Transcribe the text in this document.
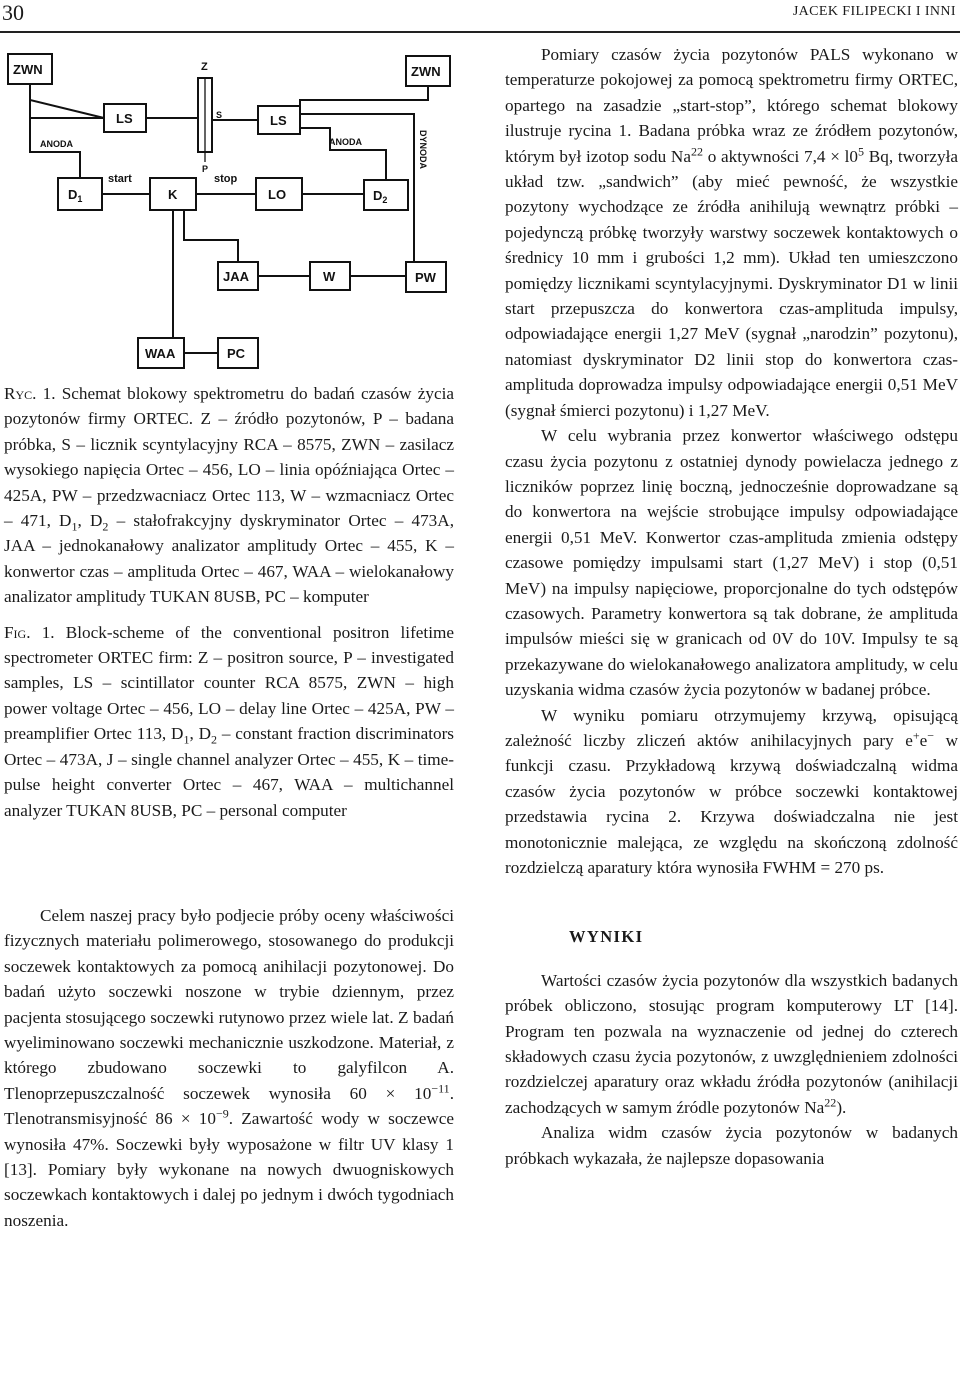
30	JACEK FILIPECKI I INNI
ZWN	ZWN
LS	LS
$D_1$	K	LO	$D_2$
JAA	W	PW
WAA	PC
Z
S
P
ANODA	ANODA	DYNODA
start	stop

Ryc. 1. Schemat blokowy spektrometru do badań czasów życia pozytonów firmy ORTEC. Z – źródło pozytonów, P – badana próbka, S – licznik scyntylacyjny RCA – 8575, ZWN – zasilacz wysokiego napięcia Ortec – 456, LO – linia opóźniająca Ortec – 425A, PW – przedzwacniacz Ortec 113, W – wzmacniacz Ortec – 471, $D_1$, $D_2$ – stałofrakcyjny dyskryminator Ortec – 473A, JAA – jednokanałowy analizator amplitudy Ortec – 455, K – konwertor czas – amplituda Ortec – 467, WAA – wielokanałowy analizator amplitudy TUKAN 8USB, PC – komputer

Fig. 1. Block-scheme of the conventional positron lifetime spectrometer ORTEC firm: Z – positron source, P – investigated samples, LS – scintillator counter RCA 8575, ZWN – high power voltage Ortec – 456, LO – delay line Ortec – 425A, PW – preamplifier Ortec 113, $D_1$, $D_2$ – constant fraction discriminators Ortec – 473A, J – single channel analyzer Ortec – 455, K – time-pulse height converter Ortec – 467, WAA – multichannel analyzer TUKAN 8USB, PC – personal computer

Celem naszej pracy było podjecie próby oceny właściwości fizycznych materiału polimerowego, stosowanego do produkcji soczewek kontaktowych za pomocą anihilacji pozytonowej. Do badań użyto soczewki noszone w trybie dziennym, przez pacjenta stosującego soczewki rutynowo przez wiele lat. Z badań wyeliminowano soczewki mechanicznie uszkodzone. Materiał, z którego zbudowano soczewki to galyfilcon A. Tlenoprzepuszczalność soczewek wynosiła $60 \times 10^{-11}$. Tlenotransmisyjność $86 \times 10^{-9}$. Zawartość wody w soczewce wynosiła 47%. Soczewki były wyposażone w filtr UV klasy 1 [13]. Pomiary były wykonane na nowych dwuogniskowych soczewkach kontaktowych i dalej po jednym i dwóch tygodniach noszenia.

Pomiary czasów życia pozytonów PALS wykonano w temperaturze pokojowej za pomocą spektrometru firmy ORTEC, opartego na zasadzie „start-stop”, którego schemat blokowy ilustruje rycina 1. Badana próbka wraz ze źródłem pozytonów, którym był izotop sodu Na$^{22}$ o aktywności $7,4 \times l0^5$ Bq, tworzyła układ tzw. „sandwich” (aby mieć pewność, że wszystkie pozytony wychodzące ze źródła anihilują wewnątrz próbki – pojedynczą próbkę tworzyły warstwy soczewek kontaktowych o średnicy 10 mm i grubości 1,2 mm). Układ ten umieszczono pomiędzy licznikami scyntylacyjnymi. Dyskryminator D1 w linii start przepuszcza do konwertora czas-amplituda impulsy, odpowiadające energii 1,27 MeV (sygnał „narodzin” pozytonu), natomiast dyskryminator D2 linii stop do konwertora czas-amplituda doprowadza impulsy odpowiadające energii 0,51 MeV (sygnał śmierci pozytonu) i 1,27 MeV.

W celu wybrania przez konwertor właściwego odstępu czasu życia pozytonu z ostatniej dynody powielacza jednego z liczników poprzez linię boczną, jednocześnie doprowadzane są do konwertora na wejście strobujące impulsy odpowiadające energii 0,51 MeV. Konwertor czas-amplituda zmienia odstępy czasowe pomiędzy impulsami start (1,27 MeV) i stop (0,51 MeV) na impulsy napięciowe, proporcjonalne do tych odstępów czasowych. Parametry konwertora są tak dobrane, że amplituda impulsów mieści się w granicach od 0V do 10V. Impulsy te są przekazywane do wielokanałowego analizatora amplitudy, w celu uzyskania widma czasów życia pozytonów w badanej próbce.

W wyniku pomiaru otrzymujemy krzywą, opisującą zależność liczby zliczeń aktów anihilacyjnych pary e+e− w funkcji czasu. Przykładową krzywą doświadczalną widma czasów życia pozytonów w próbce soczewki kontaktowej przedstawia rycina 2. Krzywa doświadczalna nie jest monotonicznie malejąca, ze względu na skończoną zdolność rozdzielczą aparatury która wynosiła FWHM = 270 ps.

WYNIKI

Wartości czasów życia pozytonów dla wszystkich badanych próbek obliczono, stosując program komputerowy LT [14]. Program ten pozwala na wyznaczenie od jednej do czterech składowych czasu życia pozytonów, z uwzględnieniem zdolności rozdzielczej aparatury oraz wkładu źródła pozytonów (anihilacji zachodzących w samym źródle pozytonów Na$^{22}$).

Analiza widm czasów życia pozytonów w badanych próbkach wykazała, że najlepsze dopasowania
